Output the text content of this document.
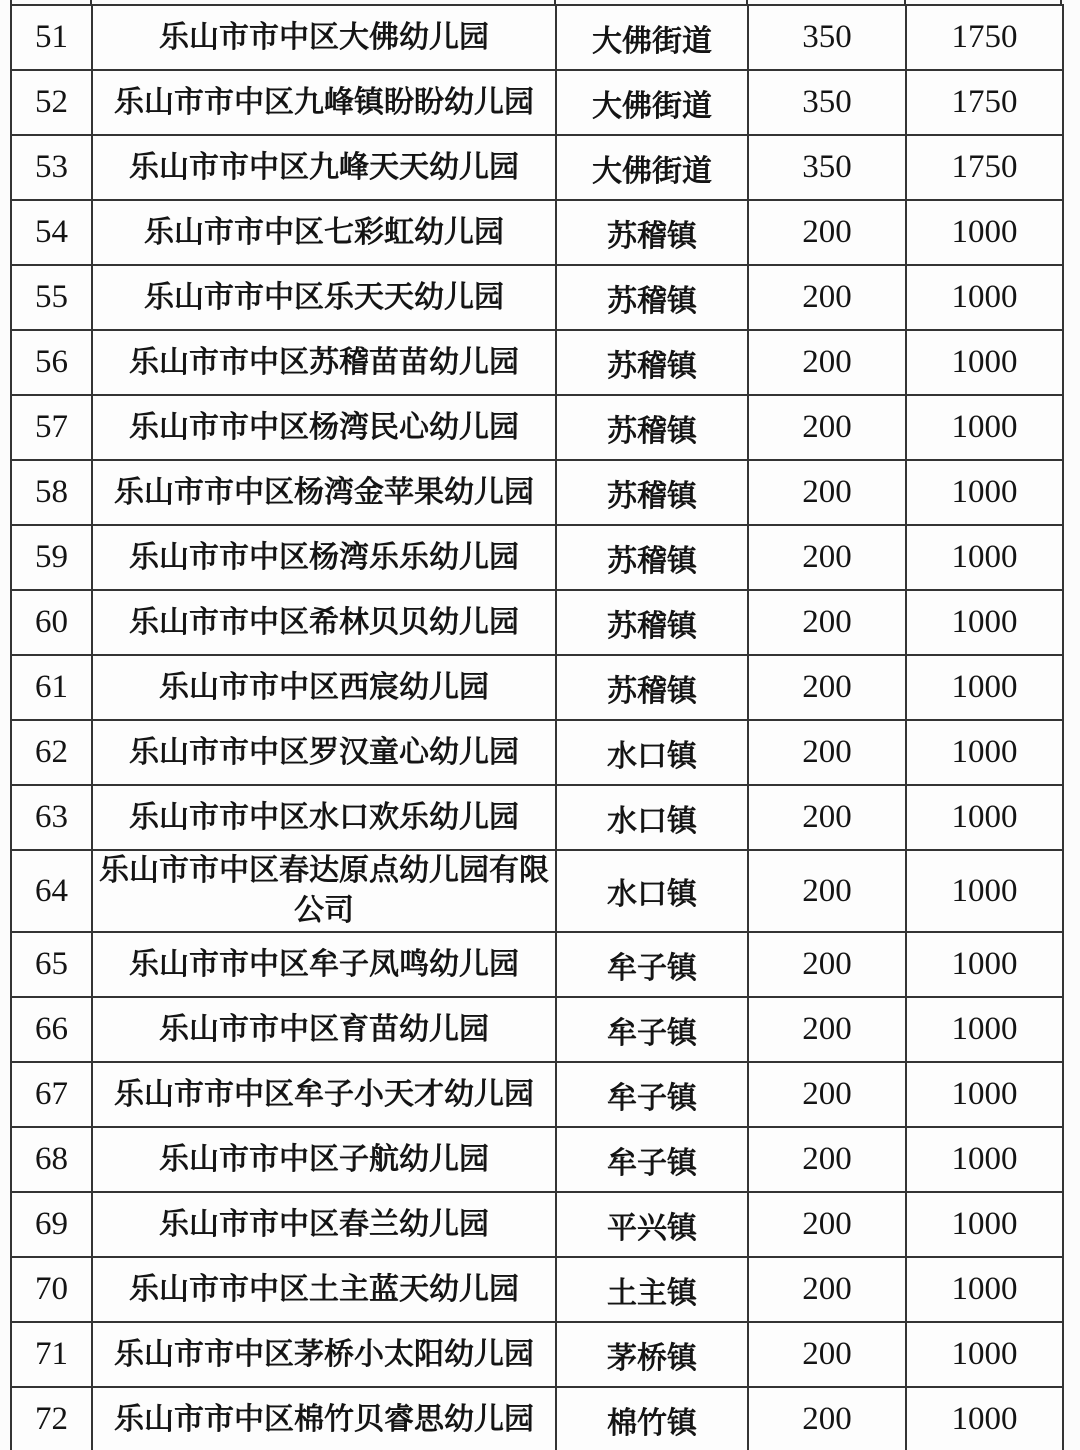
51	乐山市市中区大佛幼儿园	大佛街道	350	1750
52	乐山市市中区九峰镇盼盼幼儿园	大佛街道	350	1750
53	乐山市市中区九峰天天幼儿园	大佛街道	350	1750
54	乐山市市中区七彩虹幼儿园	苏稽镇	200	1000
55	乐山市市中区乐天天幼儿园	苏稽镇	200	1000
56	乐山市市中区苏稽苗苗幼儿园	苏稽镇	200	1000
57	乐山市市中区杨湾民心幼儿园	苏稽镇	200	1000
58	乐山市市中区杨湾金苹果幼儿园	苏稽镇	200	1000
59	乐山市市中区杨湾乐乐幼儿园	苏稽镇	200	1000
60	乐山市市中区希林贝贝幼儿园	苏稽镇	200	1000
61	乐山市市中区西宸幼儿园	苏稽镇	200	1000
62	乐山市市中区罗汉童心幼儿园	水口镇	200	1000
63	乐山市市中区水口欢乐幼儿园	水口镇	200	1000
64	乐山市市中区春达原点幼儿园有限公司	水口镇	200	1000
65	乐山市市中区牟子凤鸣幼儿园	牟子镇	200	1000
66	乐山市市中区育苗幼儿园	牟子镇	200	1000
67	乐山市市中区牟子小天才幼儿园	牟子镇	200	1000
68	乐山市市中区子航幼儿园	牟子镇	200	1000
69	乐山市市中区春兰幼儿园	平兴镇	200	1000
70	乐山市市中区土主蓝天幼儿园	土主镇	200	1000
71	乐山市市中区茅桥小太阳幼儿园	茅桥镇	200	1000
72	乐山市市中区棉竹贝睿思幼儿园	棉竹镇	200	1000
